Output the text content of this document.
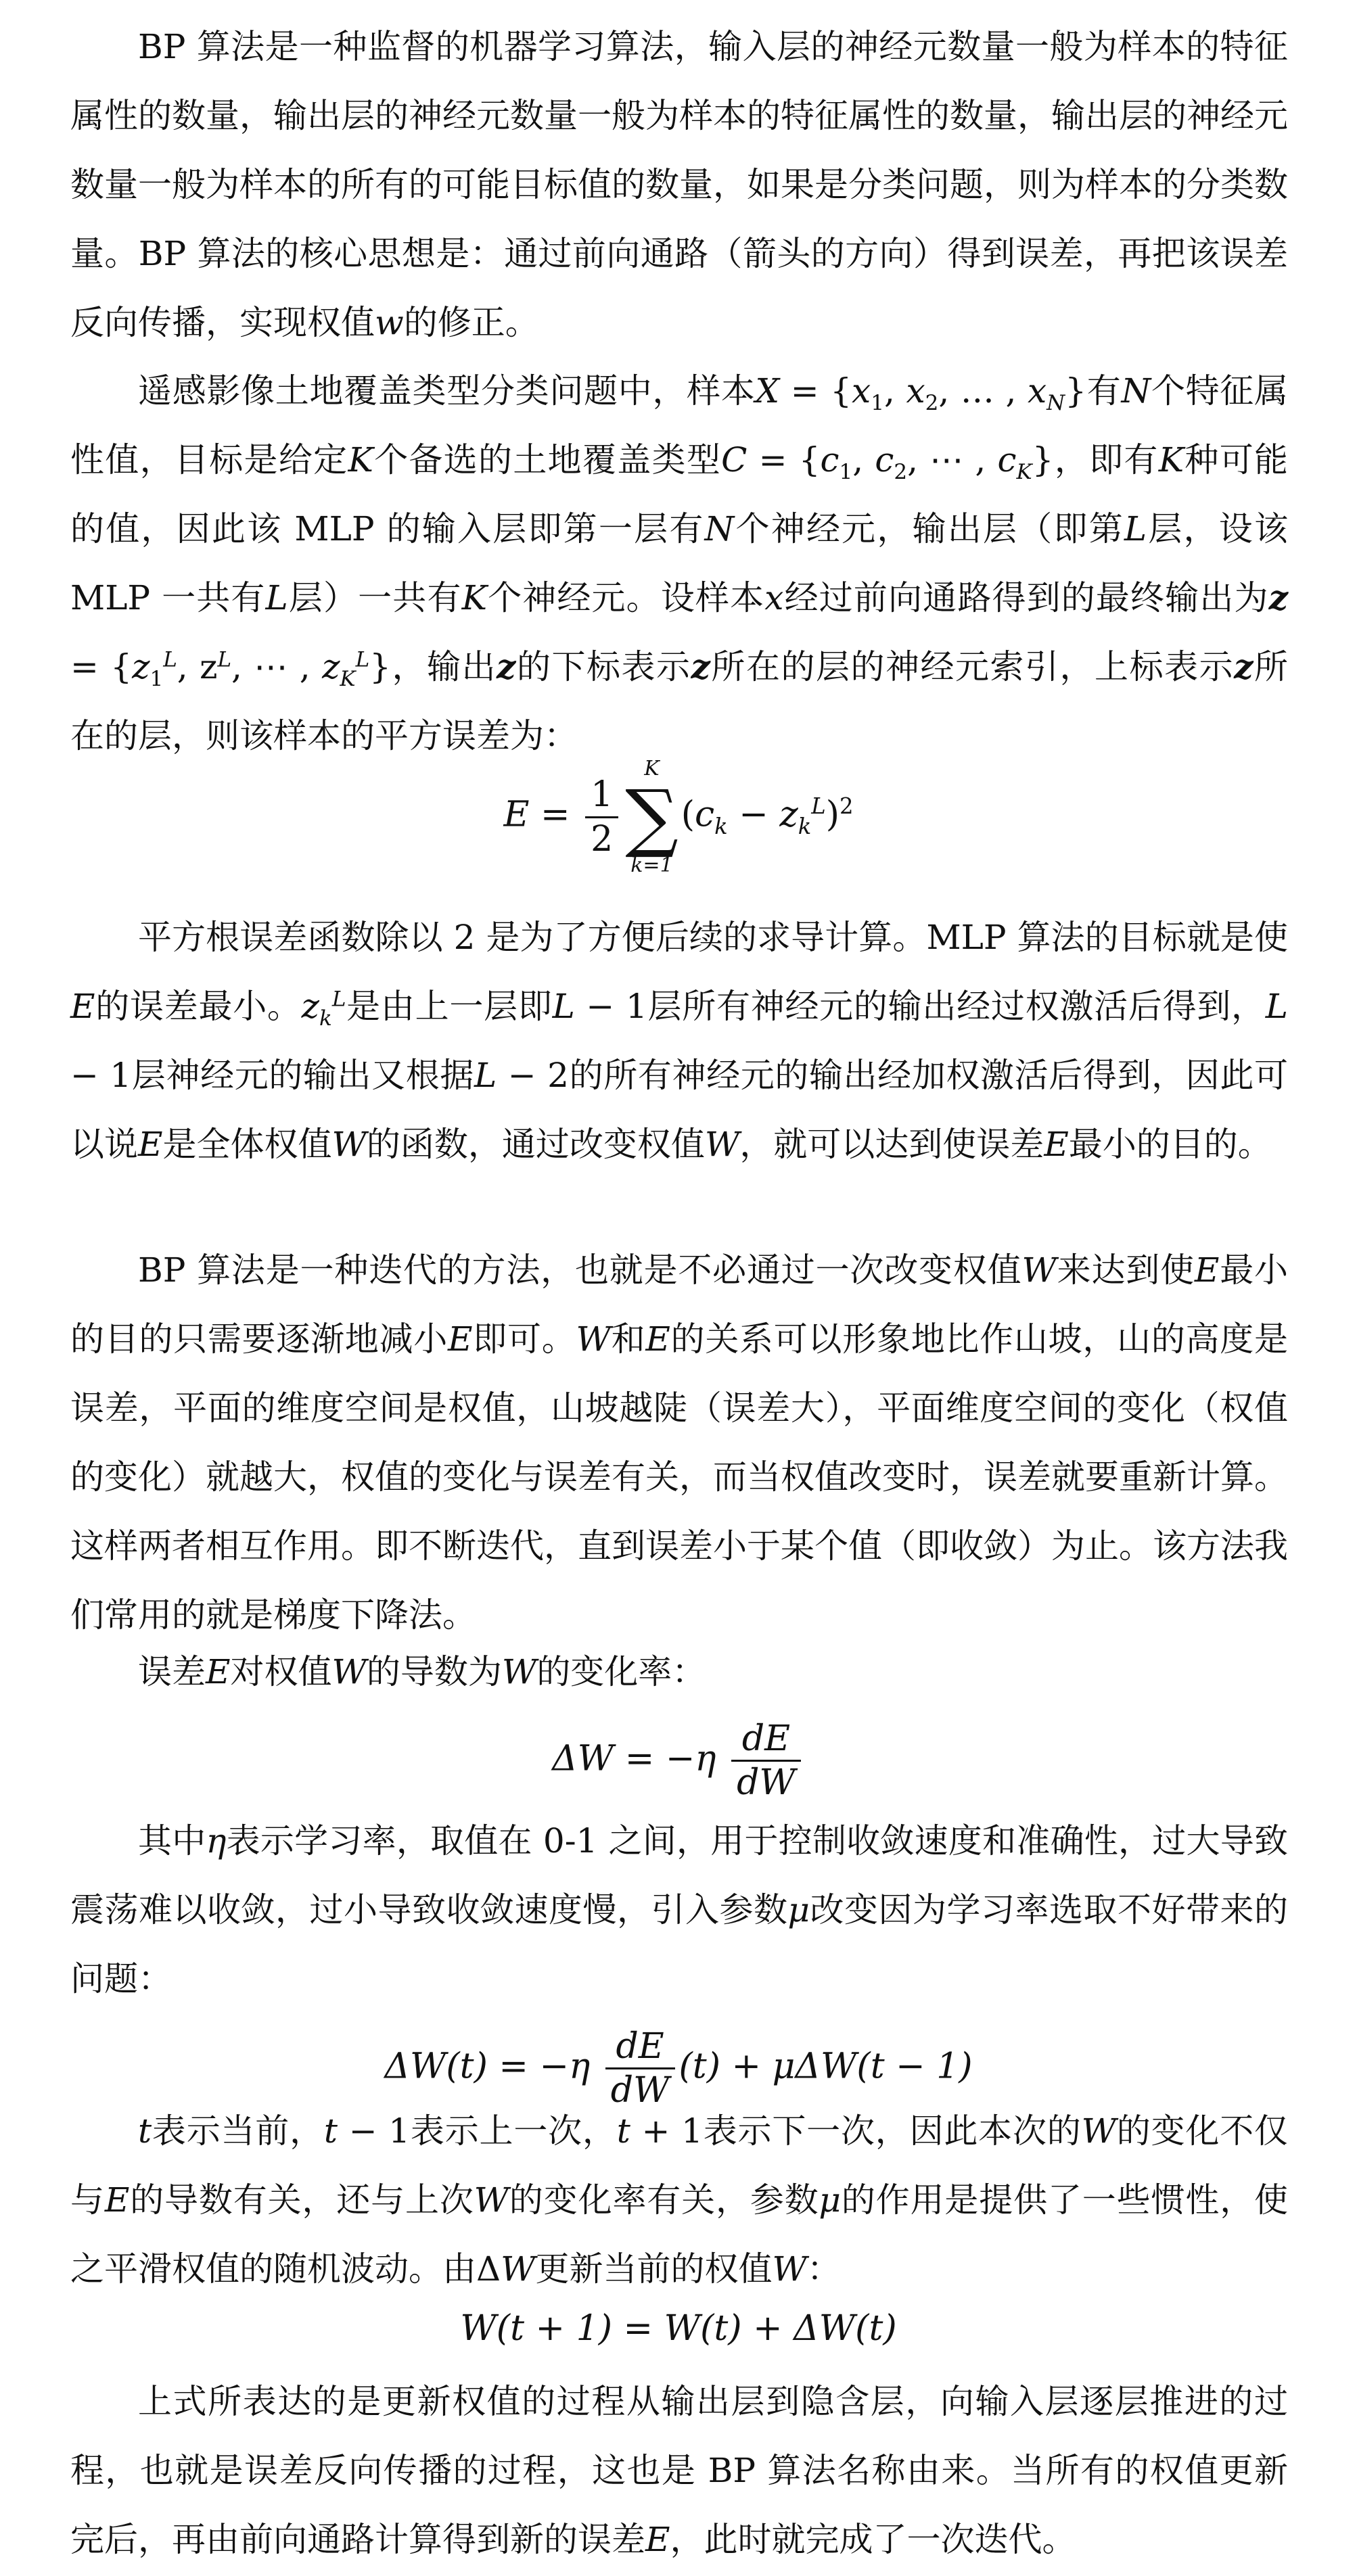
BP 算法是一种监督的机器学习算法，输入层的神经元数量一般为样本的特征属性的数量，输出层的神经元数量一般为样本的特征属性的数量，输出层的神经元数量一般为样本的所有的可能目标值的数量，如果是分类问题，则为样本的分类数量。BP 算法的核心思想是：通过前向通路（箭头的方向）得到误差，再把该误差反向传播，实现权值w的修正。

遥感影像土地覆盖类型分类问题中，样本$X = \{x_1$, $x_2$, … , $x_N$}有N个特征属性值，目标是给定K个备选的土地覆盖类型$C = \{c_1$, $c_2$, ⋯ , $c_K$}，即有K种可能的值，因此该 MLP 的输入层即第一层有N个神经元，输出层（即第L层，设该 MLP 一共有L层）一共有K个神经元。设样本x经过前向通路得到的最终输出为$z = \{z_1^L$, $z^L$, ⋯ , $z_K^L$}，输出z的下标表示z所在的层的神经元索引，上标表示z所在的层，则该样本的平方误差为：

$E = \frac{1}{2}$
K
∑
k=1
$(c_k - z_k^L)^2$

平方根误差函数除以 2 是为了方便后续的求导计算。MLP 算法的目标就是使E的误差最小。$z_k^L$是由上一层即L − 1层所有神经元的输出经过权激活后得到，L − 1层神经元的输出又根据L − 2的所有神经元的输出经加权激活后得到，因此可以说E是全体权值W的函数，通过改变权值W，就可以达到使误差E最小的目的。

BP 算法是一种迭代的方法，也就是不必通过一次改变权值W来达到使E最小的目的只需要逐渐地减小E即可。W和E的关系可以形象地比作山坡，山的高度是误差，平面的维度空间是权值，山坡越陡（误差大），平面维度空间的变化（权值的变化）就越大，权值的变化与误差有关，而当权值改变时，误差就要重新计算。这样两者相互作用。即不断迭代，直到误差小于某个值（即收敛）为止。该方法我们常用的就是梯度下降法。

误差E对权值W的导数为W的变化率：

$\Delta W = -\eta \frac{dE}{dW}$

其中η表示学习率，取值在 0-1 之间，用于控制收敛速度和准确性，过大导致震荡难以收敛，过小导致收敛速度慢，引入参数μ改变因为学习率选取不好带来的问题：

$\Delta W(t) = -\eta \frac{dE}{dW} (t) + \mu\Delta W(t - 1)$

t表示当前，t − 1表示上一次，t + 1表示下一次，因此本次的W的变化不仅与E的导数有关，还与上次W的变化率有关，参数μ的作用是提供了一些惯性，使之平滑权值的随机波动。由ΔW更新当前的权值W：

W(t + 1) = W(t) + ΔW(t)

上式所表达的是更新权值的过程从输出层到隐含层，向输入层逐层推进的过程，也就是误差反向传播的过程，这也是 BP 算法名称由来。当所有的权值更新完后，再由前向通路计算得到新的误差E，此时就完成了一次迭代。
